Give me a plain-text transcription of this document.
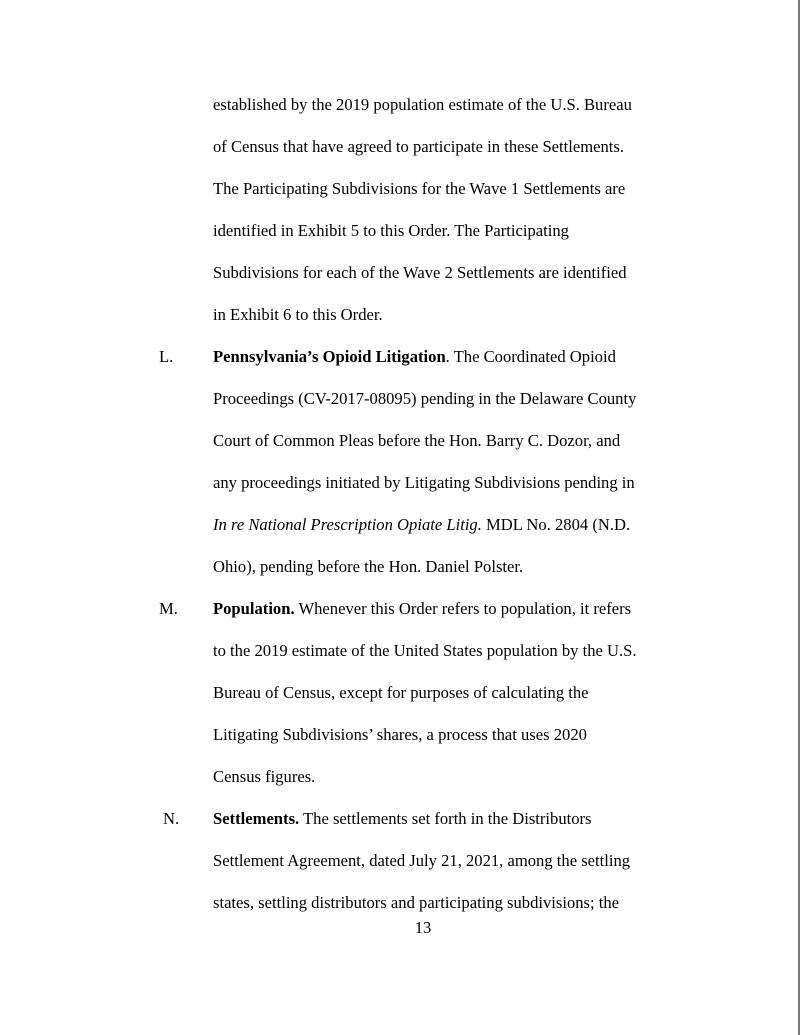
established by the 2019 population estimate of the U.S. Bureau
of Census that have agreed to participate in these Settlements.
The Participating Subdivisions for the Wave 1 Settlements are
identified in Exhibit 5 to this Order. The Participating
Subdivisions for each of the Wave 2 Settlements are identified
in Exhibit 6 to this Order.
L. Pennsylvania’s Opioid Litigation. The Coordinated Opioid
Proceedings (CV-2017-08095) pending in the Delaware County
Court of Common Pleas before the Hon. Barry C. Dozor, and
any proceedings initiated by Litigating Subdivisions pending in
In re National Prescription Opiate Litig. MDL No. 2804 (N.D.
Ohio), pending before the Hon. Daniel Polster.
M. Population. Whenever this Order refers to population, it refers
to the 2019 estimate of the United States population by the U.S.
Bureau of Census, except for purposes of calculating the
Litigating Subdivisions’ shares, a process that uses 2020
Census figures.
N. Settlements. The settlements set forth in the Distributors
Settlement Agreement, dated July 21, 2021, among the settling
states, settling distributors and participating subdivisions; the
13
